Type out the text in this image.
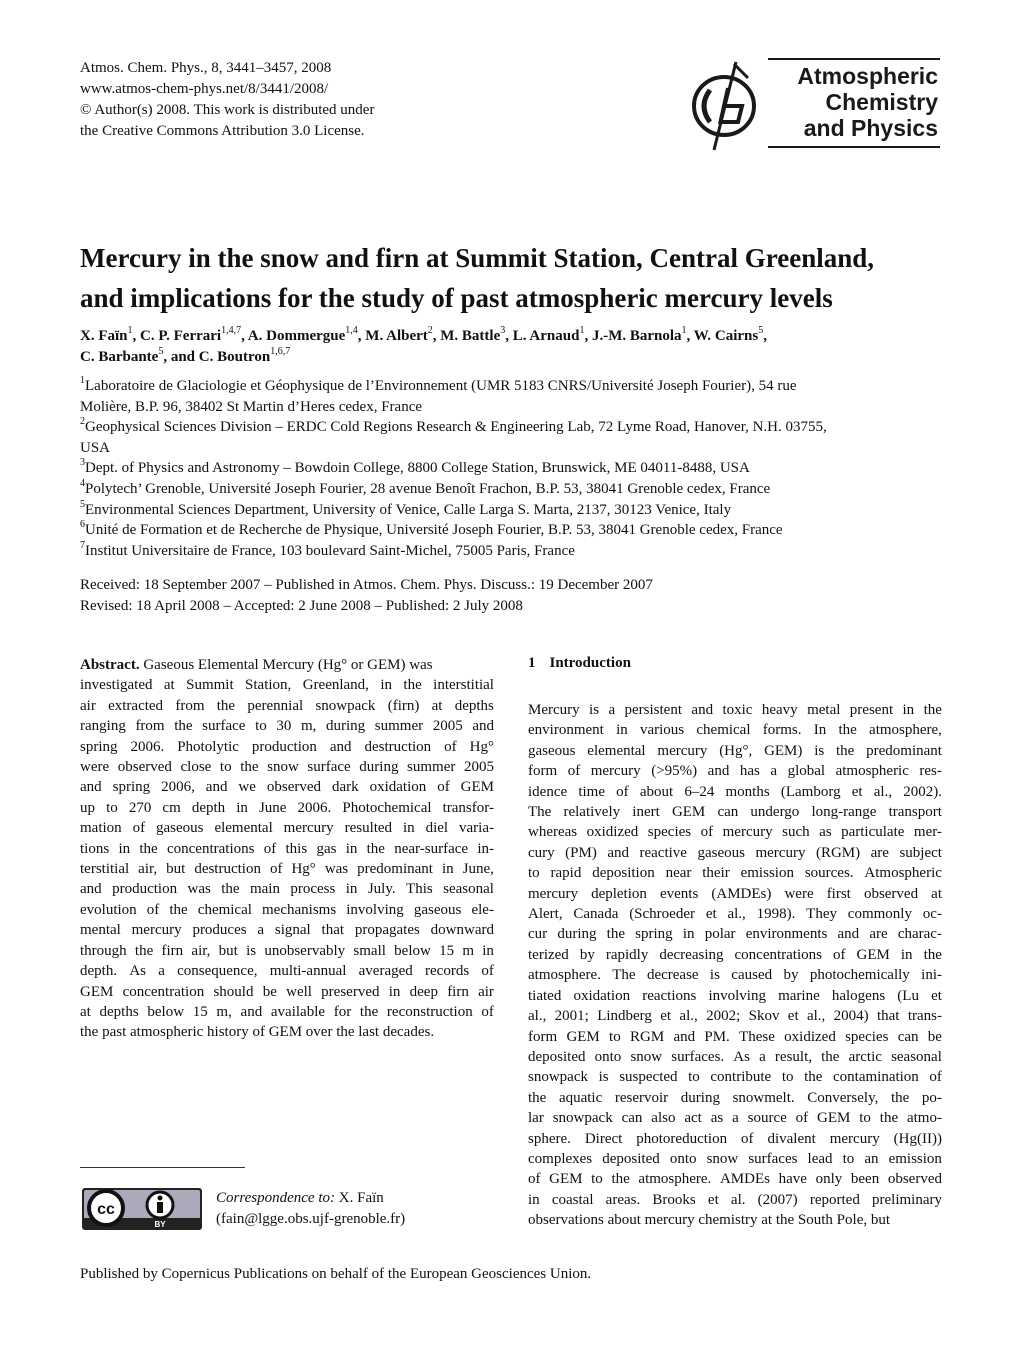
Atmos. Chem. Phys., 8, 3441–3457, 2008
www.atmos-chem-phys.net/8/3441/2008/
© Author(s) 2008. This work is distributed under
the Creative Commons Attribution 3.0 License.
Atmospheric
Chemistry
and Physics
Mercury in the snow and firn at Summit Station, Central Greenland,
and implications for the study of past atmospheric mercury levels
X. Faïn$^1$, C. P. Ferrari$^{1,4,7}$, A. Dommergue$^{1,4}$, M. Albert$^2$, M. Battle$^3$, L. Arnaud$^1$, J.-M. Barnola$^1$, W. Cairns$^5$,
C. Barbante$^5$, and C. Boutron$^{1,6,7}$
$^1$Laboratoire de Glaciologie et Géophysique de l’Environnement (UMR 5183 CNRS/Université Joseph Fourier), 54 rue
Molière, B.P. 96, 38402 St Martin d’Heres cedex, France
$^2$Geophysical Sciences Division – ERDC Cold Regions Research & Engineering Lab, 72 Lyme Road, Hanover, N.H. 03755,
USA
$^3$Dept. of Physics and Astronomy – Bowdoin College, 8800 College Station, Brunswick, ME 04011-8488, USA
$^4$Polytech’ Grenoble, Université Joseph Fourier, 28 avenue Benoît Frachon, B.P. 53, 38041 Grenoble cedex, France
$^5$Environmental Sciences Department, University of Venice, Calle Larga S. Marta, 2137, 30123 Venice, Italy
$^6$Unité de Formation et de Recherche de Physique, Université Joseph Fourier, B.P. 53, 38041 Grenoble cedex, France
$^7$Institut Universitaire de France, 103 boulevard Saint-Michel, 75005 Paris, France
Received: 18 September 2007 – Published in Atmos. Chem. Phys. Discuss.: 19 December 2007
Revised: 18 April 2008 – Accepted: 2 June 2008 – Published: 2 July 2008
Abstract. Gaseous Elemental Mercury (Hg° or GEM) was
investigated at Summit Station, Greenland, in the interstitial
air extracted from the perennial snowpack (firn) at depths
ranging from the surface to 30 m, during summer 2005 and
spring 2006. Photolytic production and destruction of Hg°
were observed close to the snow surface during summer 2005
and spring 2006, and we observed dark oxidation of GEM
up to 270 cm depth in June 2006. Photochemical transfor-
mation of gaseous elemental mercury resulted in diel varia-
tions in the concentrations of this gas in the near-surface in-
terstitial air, but destruction of Hg° was predominant in June,
and production was the main process in July. This seasonal
evolution of the chemical mechanisms involving gaseous ele-
mental mercury produces a signal that propagates downward
through the firn air, but is unobservably small below 15 m in
depth. As a consequence, multi-annual averaged records of
GEM concentration should be well preserved in deep firn air
at depths below 15 m, and available for the reconstruction of
the past atmospheric history of GEM over the last decades.
1 Introduction
Mercury is a persistent and toxic heavy metal present in the
environment in various chemical forms. In the atmosphere,
gaseous elemental mercury (Hg°, GEM) is the predominant
form of mercury (>95%) and has a global atmospheric res-
idence time of about 6–24 months (Lamborg et al., 2002).
The relatively inert GEM can undergo long-range transport
whereas oxidized species of mercury such as particulate mer-
cury (PM) and reactive gaseous mercury (RGM) are subject
to rapid deposition near their emission sources. Atmospheric
mercury depletion events (AMDEs) were first observed at
Alert, Canada (Schroeder et al., 1998). They commonly oc-
cur during the spring in polar environments and are charac-
terized by rapidly decreasing concentrations of GEM in the
atmosphere. The decrease is caused by photochemically ini-
tiated oxidation reactions involving marine halogens (Lu et
al., 2001; Lindberg et al., 2002; Skov et al., 2004) that trans-
form GEM to RGM and PM. These oxidized species can be
deposited onto snow surfaces. As a result, the arctic seasonal
snowpack is suspected to contribute to the contamination of
the aquatic reservoir during snowmelt. Conversely, the po-
lar snowpack can also act as a source of GEM to the atmo-
sphere. Direct photoreduction of divalent mercury (Hg(II))
complexes deposited onto snow surfaces lead to an emission
of GEM to the atmosphere. AMDEs have only been observed
in coastal areas. Brooks et al. (2007) reported preliminary
observations about mercury chemistry at the South Pole, but
cc
BY
Correspondence to: X. Faïn
(fain@lgge.obs.ujf-grenoble.fr)
Published by Copernicus Publications on behalf of the European Geosciences Union.
